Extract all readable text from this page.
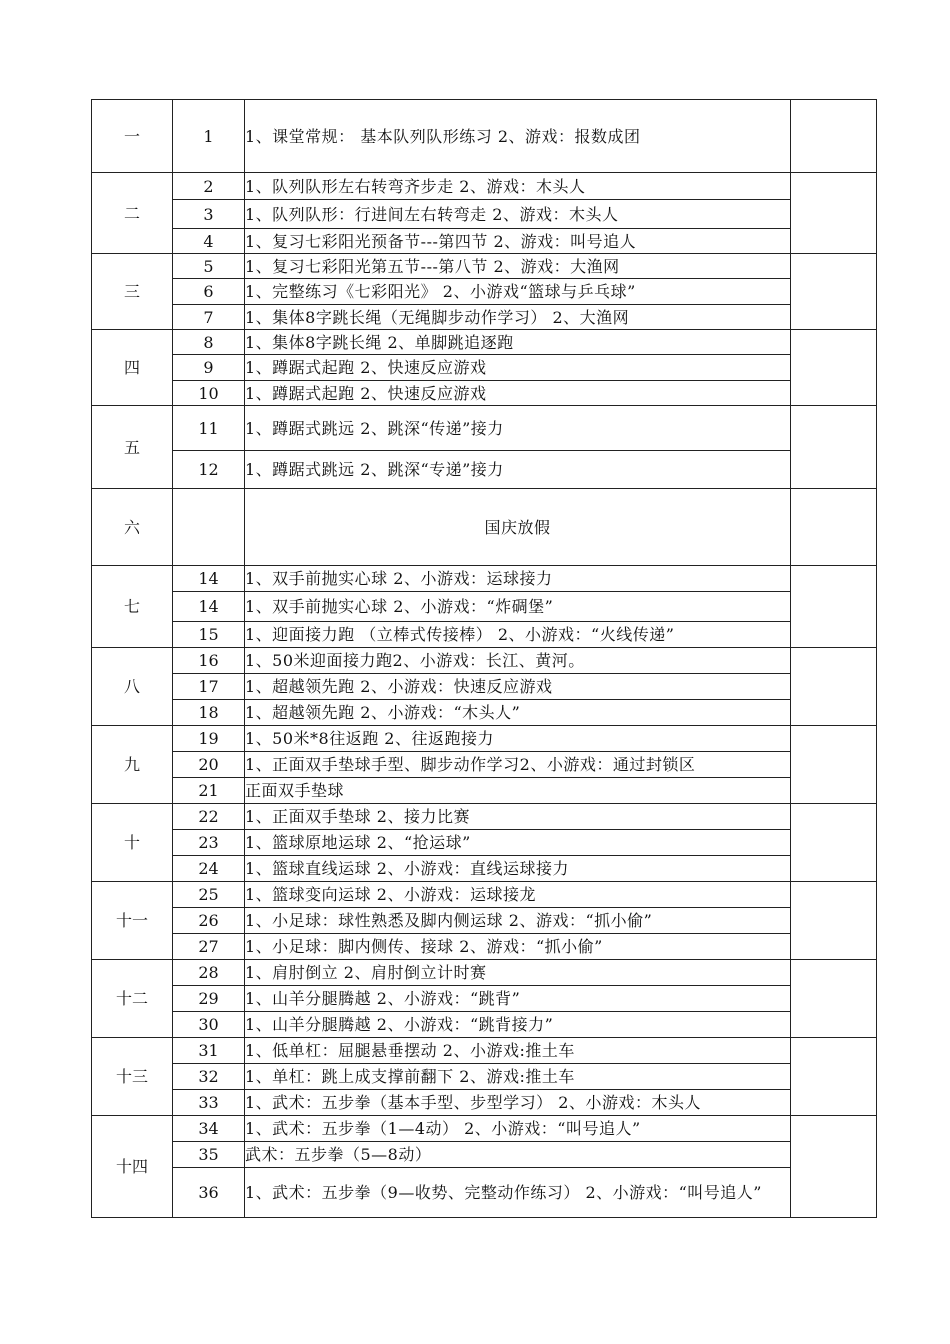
一	1	1、课堂常规： 基本队列队形练习 2、游戏：报数成团	
二	2	1、队列队形左右转弯齐步走 2、游戏：木头人	
	3	1、队列队形：行进间左右转弯走 2、游戏：木头人	
	4	1、复习七彩阳光预备节---第四节 2、游戏：叫号追人	
三	5	1、复习七彩阳光第五节---第八节 2、游戏：大渔网	
	6	1、完整练习《七彩阳光》 2、小游戏“篮球与乒乓球”	
	7	1、集体8字跳长绳（无绳脚步动作学习） 2、大渔网	
四	8	1、集体8字跳长绳 2、单脚跳追逐跑	
	9	1、蹲踞式起跑 2、快速反应游戏	
	10	1、蹲踞式起跑 2、快速反应游戏	
五	11	1、蹲踞式跳远 2、跳深“传递”接力	
	12	1、蹲踞式跳远 2、跳深“专递”接力	
六		国庆放假	
七	14	1、双手前抛实心球 2、小游戏：运球接力	
	14	1、双手前抛实心球 2、小游戏：“炸碉堡”	
	15	1、迎面接力跑 （立棒式传接棒） 2、小游戏：“火线传递”	
八	16	1、50米迎面接力跑2、小游戏：长江、黄河。	
	17	1、超越领先跑 2、小游戏：快速反应游戏	
	18	1、超越领先跑 2、小游戏：“木头人”	
九	19	1、50米*8往返跑 2、往返跑接力	
	20	1、正面双手垫球手型、脚步动作学习2、小游戏：通过封锁区	
	21	正面双手垫球	
十	22	1、正面双手垫球 2、接力比赛	
	23	1、篮球原地运球 2、“抢运球”	
	24	1、篮球直线运球 2、小游戏：直线运球接力	
十一	25	1、篮球变向运球 2、小游戏：运球接龙	
	26	1、小足球：球性熟悉及脚内侧运球 2、游戏：“抓小偷”	
	27	1、小足球：脚内侧传、接球 2、游戏：“抓小偷”	
十二	28	1、肩肘倒立 2、肩肘倒立计时赛	
	29	1、山羊分腿腾越 2、小游戏：“跳背”	
	30	1、山羊分腿腾越 2、小游戏：“跳背接力”	
十三	31	1、低单杠：屈腿悬垂摆动 2、小游戏:推土车	
	32	1、单杠：跳上成支撑前翻下 2、游戏:推土车	
	33	1、武术：五步拳（基本手型、步型学习） 2、小游戏：木头人	
十四	34	1、武术：五步拳（1—4动） 2、小游戏：“叫号追人”	
	35	武术：五步拳（5—8动）	
	36	1、武术：五步拳（9—收势、完整动作练习） 2、小游戏：“叫号追人”	
